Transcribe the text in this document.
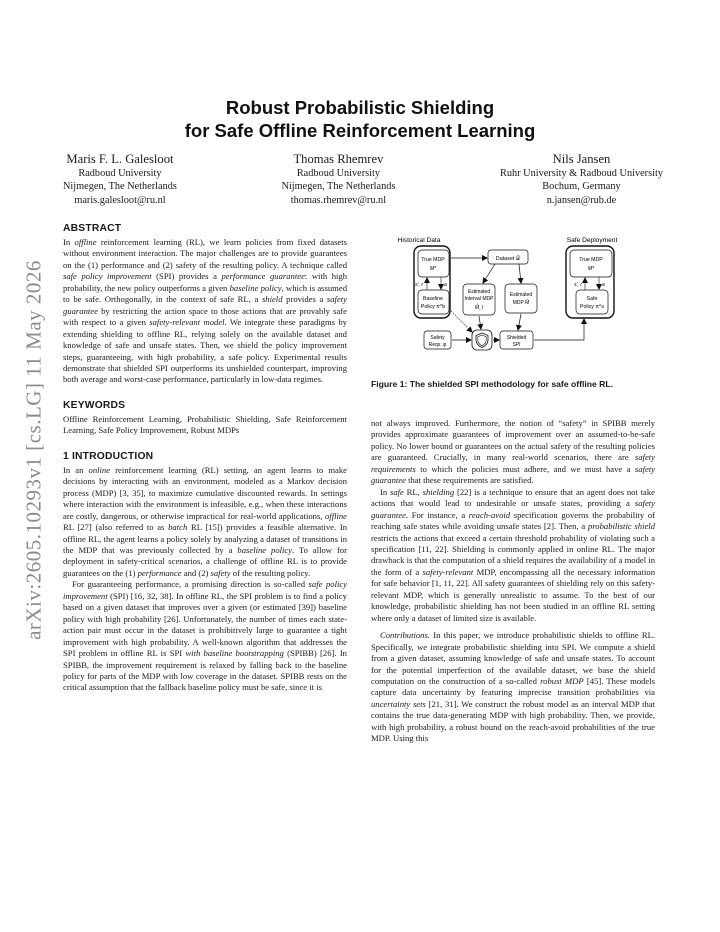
arXiv:2605.10293v1 [cs.LG] 11 May 2026
Robust Probabilistic Shielding
for Safe Offline Reinforcement Learning
Maris F. L. Galesloot
Radboud University
Nijmegen, The Netherlands
maris.galesloot@ru.nl
Thomas Rhemrev
Radboud University
Nijmegen, The Netherlands
thomas.rhemrev@ru.nl
Nils Jansen
Ruhr University & Radboud University
Bochum, Germany
n.jansen@rub.de
ABSTRACT

In offline reinforcement learning (RL), we learn policies from fixed datasets without environment interaction. The major challenges are to provide guarantees on the (1) performance and (2) safety of the resulting policy. A technique called safe policy improvement (SPI) provides a performance guarantee: with high probability, the new policy outperforms a given baseline policy, which is assumed to be safe. Orthogonally, in the context of safe RL, a shield provides a safety guarantee by restricting the action space to those actions that are provably safe with respect to a given safety-relevant model. We integrate these paradigms by extending shielding to offline RL, relying solely on the available dataset and knowledge of safe and unsafe states. Then, we shield the policy improvement steps, guaranteeing, with high probability, a safe policy. Experimental results demonstrate that shielded SPI outperforms its unshielded counterpart, improving both average and worst-case performance, particularly in low-data regimes.

KEYWORDS

Offline Reinforcement Learning, Probabilistic Shielding, Safe Reinforcement Learning, Safe Policy Improvement, Robust MDPs

1 INTRODUCTION

In an online reinforcement learning (RL) setting, an agent learns to make decisions by interacting with an environment, modeled as a Markov decision process (MDP) [3, 35], to maximize cumulative discounted rewards. In settings where interaction with the environment is infeasible, e.g., when these interactions are costly, dangerous, or otherwise impractical for real-world applications, offline RL [27] (also referred to as batch RL [15]) provides a feasible alternative. In offline RL, the agent learns a policy solely by analyzing a dataset of transitions in the MDP that was previously collected by a baseline policy. To allow for deployment in safety-critical scenarios, a challenge of offline RL is to provide guarantees on the (1) performance and (2) safety of the resulting policy.

For guaranteeing performance, a promising direction is so-called safe policy improvement (SPI) [16, 32, 38]. In offline RL, the SPI problem is to find a policy based on a given dataset that improves over a given (or estimated [39]) baseline policy with high probability [26]. Unfortunately, the number of times each state-action pair must occur in the dataset is prohibitively large to guarantee a tight improvement with high probability. A well-known algorithm that addresses the SPI problem in offline RL is SPI with baseline bootstrapping (SPIBB) [26]. In SPIBB, the improvement requirement is relaxed by falling back to the baseline policy for parts of the MDP with low coverage in the dataset. SPIBB rests on the critical assumption that the fallback baseline policy must be safe, since it is

Historical Data	Safe Deployment
True MDP
M*
Baseline
Policy π^b
s', r	a
Dataset 𝒟
Estimated
Interval MDP
M̂_I
Estimated
MDP M̂
Safety
Reqs. φ
Shielded
SPI
True MDP
M*
Safe
Policy π^s
s', r	a
Figure 1: The shielded SPI methodology for safe offline RL.

not always improved. Furthermore, the notion of “safety” in SPIBB merely provides approximate guarantees of improvement over an assumed-to-be-safe policy. No lower bound or guarantees on the actual safety of the resulting policies are guaranteed. Crucially, in many real-world scenarios, there are safety requirements to which the policies must adhere, and we must have a safety guarantee that these requirements are satisfied.

In safe RL, shielding [22] is a technique to ensure that an agent does not take actions that would lead to undesirable or unsafe states, providing a safety guarantee. For instance, a reach-avoid specification governs the probability of reaching safe states while avoiding unsafe states [2]. Then, a probabilistic shield restricts the actions that exceed a certain threshold probability of violating such a specification [11, 22]. Shielding is commonly applied in online RL. The major drawback is that the computation of a shield requires the availability of a model in the form of a safety-relevant MDP, encompassing all the necessary information for safe behavior [1, 11, 22]. All safety guarantees of shielding rely on this safety-relevant MDP, which is generally unrealistic to assume. To the best of our knowledge, probabilistic shielding has not been studied in an offline RL setting where only a dataset of limited size is available.

Contributions. In this paper, we introduce probabilistic shields to offline RL. Specifically, we integrate probabilistic shielding into SPI. We compute a shield from a given dataset, assuming knowledge of safe and unsafe states. To account for the potential imperfection of the available dataset, we base the shield computation on the construction of a so-called robust MDP [45]. These models capture data uncertainty by featuring imprecise transition probabilities via uncertainty sets [21, 31]. We construct the robust model as an interval MDP that contains the true data-generating MDP with high probability. Then, we provide, with high probability, a robust bound on the reach-avoid probabilities of the true MDP. Using this
